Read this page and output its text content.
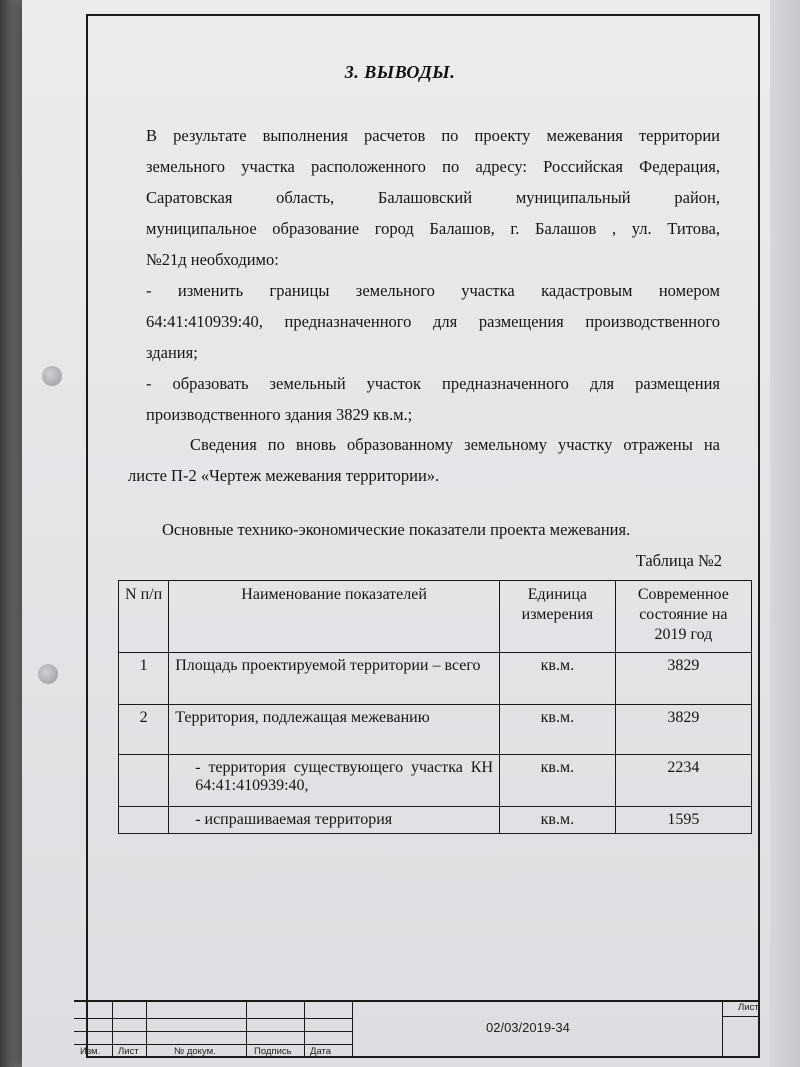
3. ВЫВОДЫ.
В результате выполнения расчетов по проекту межевания территории
земельного участка расположенного по адресу: Российская Федерация,
Саратовская область, Балашовский муниципальный район,
муниципальное образование город Балашов, г. Балашов , ул. Титова,
№21д необходимо:
- изменить границы земельного участка кадастровым номером
64:41:410939:40, предназначенного для размещения производственного
здания;
- образовать земельный участок предназначенного для размещения
производственного здания 3829 кв.м.;
Сведения по вновь образованному земельному участку отражены на
листе П-2 «Чертеж межевания территории».
Основные технико-экономические показатели проекта межевания.
Таблица №2
N п/п	Наименование показателей	Единица измерения	Современное состояние на 2019 год
1	Площадь проектируемой территории – всего	кв.м.	3829
2	Территория, подлежащая межеванию	кв.м.	3829
	- территория существующего участка КН 64:41:410939:40,	кв.м.	2234
	- испрашиваемая территория	кв.м.	1595
Лист
Изм. Лист	№ докум.	Подпись Дата
02/03/2019-34
